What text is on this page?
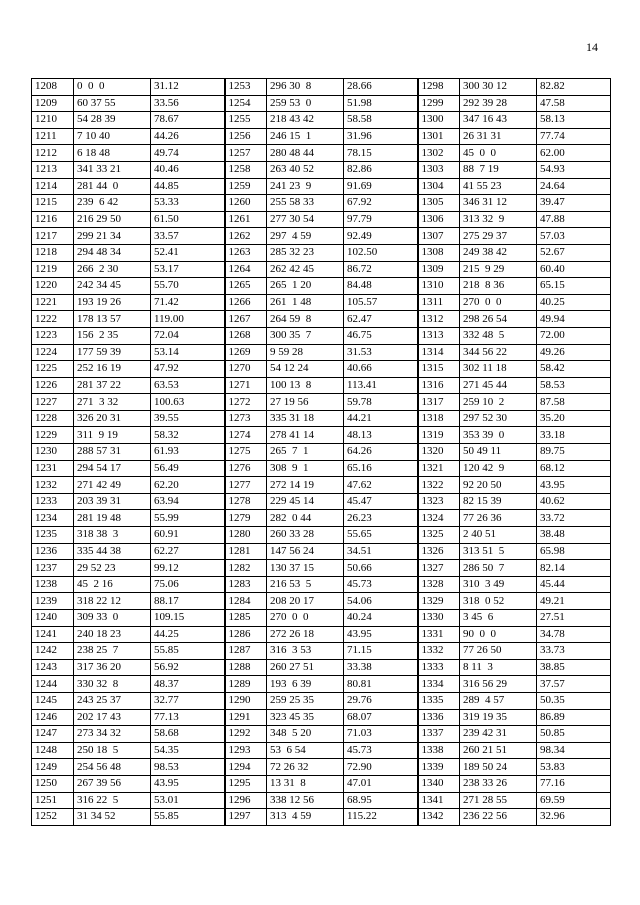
14
1208	0  0  0	31.12	1253	296 30  8	28.66	1298	300 30 12	82.82
1209	60 37 55	33.56	1254	259 53  0	51.98	1299	292 39 28	47.58
1210	54 28 39	78.67	1255	218 43 42	58.58	1300	347 16 43	58.13
1211	7 10 40	44.26	1256	246 15  1	31.96	1301	26 31 31	77.74
1212	6 18 48	49.74	1257	280 48 44	78.15	1302	45  0  0	62.00
1213	341 33 21	40.46	1258	263 40 52	82.86	1303	88  7 19	54.93
1214	281 44  0	44.85	1259	241 23  9	91.69	1304	41 55 23	24.64
1215	239  6 42	53.33	1260	255 58 33	67.92	1305	346 31 12	39.47
1216	216 29 50	61.50	1261	277 30 54	97.79	1306	313 32  9	47.88
1217	299 21 34	33.57	1262	297  4 59	92.49	1307	275 29 37	57.03
1218	294 48 34	52.41	1263	285 32 23	102.50	1308	249 38 42	52.67
1219	266  2 30	53.17	1264	262 42 45	86.72	1309	215  9 29	60.40
1220	242 34 45	55.70	1265	265  1 20	84.48	1310	218  8 36	65.15
1221	193 19 26	71.42	1266	261  1 48	105.57	1311	270  0  0	40.25
1222	178 13 57	119.00	1267	264 59  8	62.47	1312	298 26 54	49.94
1223	156  2 35	72.04	1268	300 35  7	46.75	1313	332 48  5	72.00
1224	177 59 39	53.14	1269	9 59 28	31.53	1314	344 56 22	49.26
1225	252 16 19	47.92	1270	54 12 24	40.66	1315	302 11 18	58.42
1226	281 37 22	63.53	1271	100 13  8	113.41	1316	271 45 44	58.53
1227	271  3 32	100.63	1272	27 19 56	59.78	1317	259 10  2	87.58
1228	326 20 31	39.55	1273	335 31 18	44.21	1318	297 52 30	35.20
1229	311  9 19	58.32	1274	278 41 14	48.13	1319	353 39  0	33.18
1230	288 57 31	61.93	1275	265  7  1	64.26	1320	50 49 11	89.75
1231	294 54 17	56.49	1276	308  9  1	65.16	1321	120 42  9	68.12
1232	271 42 49	62.20	1277	272 14 19	47.62	1322	92 20 50	43.95
1233	203 39 31	63.94	1278	229 45 14	45.47	1323	82 15 39	40.62
1234	281 19 48	55.99	1279	282  0 44	26.23	1324	77 26 36	33.72
1235	318 38  3	60.91	1280	260 33 28	55.65	1325	2 40 51	38.48
1236	335 44 38	62.27	1281	147 56 24	34.51	1326	313 51  5	65.98
1237	29 52 23	99.12	1282	130 37 15	50.66	1327	286 50  7	82.14
1238	45  2 16	75.06	1283	216 53  5	45.73	1328	310  3 49	45.44
1239	318 22 12	88.17	1284	208 20 17	54.06	1329	318  0 52	49.21
1240	309 33  0	109.15	1285	270  0  0	40.24	1330	3 45  6	27.51
1241	240 18 23	44.25	1286	272 26 18	43.95	1331	90  0  0	34.78
1242	238 25  7	55.85	1287	316  3 53	71.15	1332	77 26 50	33.73
1243	317 36 20	56.92	1288	260 27 51	33.38	1333	8 11  3	38.85
1244	330 32  8	48.37	1289	193  6 39	80.81	1334	316 56 29	37.57
1245	243 25 37	32.77	1290	259 25 35	29.76	1335	289  4 57	50.35
1246	202 17 43	77.13	1291	323 45 35	68.07	1336	319 19 35	86.89
1247	273 34 32	58.68	1292	348  5 20	71.03	1337	239 42 31	50.85
1248	250 18  5	54.35	1293	53  6 54	45.73	1338	260 21 51	98.34
1249	254 56 48	98.53	1294	72 26 32	72.90	1339	189 50 24	53.83
1250	267 39 56	43.95	1295	13 31  8	47.01	1340	238 33 26	77.16
1251	316 22  5	53.01	1296	338 12 56	68.95	1341	271 28 55	69.59
1252	31 34 52	55.85	1297	313  4 59	115.22	1342	236 22 56	32.96
